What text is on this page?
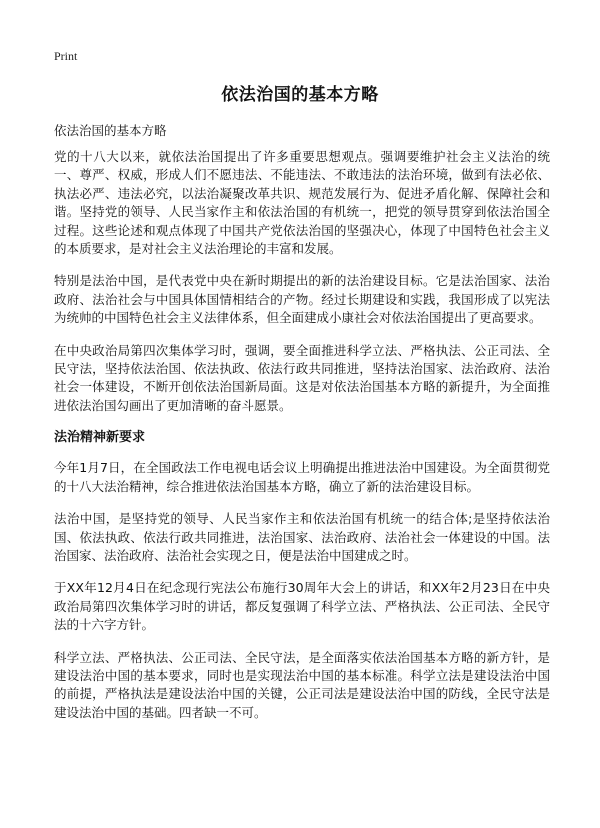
Print
依法治国的基本方略

依法治国的基本方略

党的十八大以来，就依法治国提出了许多重要思想观点。强调要维护社会主义法治的统一、尊严、权威，形成人们不愿违法、不能违法、不敢违法的法治环境，做到有法必依、执法必严、违法必究，以法治凝聚改革共识、规范发展行为、促进矛盾化解、保障社会和谐。坚持党的领导、人民当家作主和依法治国的有机统一，把党的领导贯穿到依法治国全过程。这些论述和观点体现了中国共产党依法治国的坚强决心，体现了中国特色社会主义的本质要求，是对社会主义法治理论的丰富和发展。

特别是法治中国，是代表党中央在新时期提出的新的法治建设目标。它是法治国家、法治政府、法治社会与中国具体国情相结合的产物。经过长期建设和实践，我国形成了以宪法为统帅的中国特色社会主义法律体系，但全面建成小康社会对依法治国提出了更高要求。

在中央政治局第四次集体学习时，强调，要全面推进科学立法、严格执法、公正司法、全民守法，坚持依法治国、依法执政、依法行政共同推进，坚持法治国家、法治政府、法治社会一体建设，不断开创依法治国新局面。这是对依法治国基本方略的新提升，为全面推进依法治国勾画出了更加清晰的奋斗愿景。

法治精神新要求

今年1月7日，在全国政法工作电视电话会议上明确提出推进法治中国建设。为全面贯彻党的十八大法治精神，综合推进依法治国基本方略，确立了新的法治建设目标。

法治中国，是坚持党的领导、人民当家作主和依法治国有机统一的结合体;是坚持依法治国、依法执政、依法行政共同推进，法治国家、法治政府、法治社会一体建设的中国。法治国家、法治政府、法治社会实现之日，便是法治中国建成之时。

于XX年12月4日在纪念现行宪法公布施行30周年大会上的讲话，和XX年2月23日在中央政治局第四次集体学习时的讲话，都反复强调了科学立法、严格执法、公正司法、全民守法的十六字方针。

科学立法、严格执法、公正司法、全民守法，是全面落实依法治国基本方略的新方针，是建设法治中国的基本要求，同时也是实现法治中国的基本标准。科学立法是建设法治中国的前提，严格执法是建设法治中国的关键，公正司法是建设法治中国的防线，全民守法是建设法治中国的基础。四者缺一不可。
